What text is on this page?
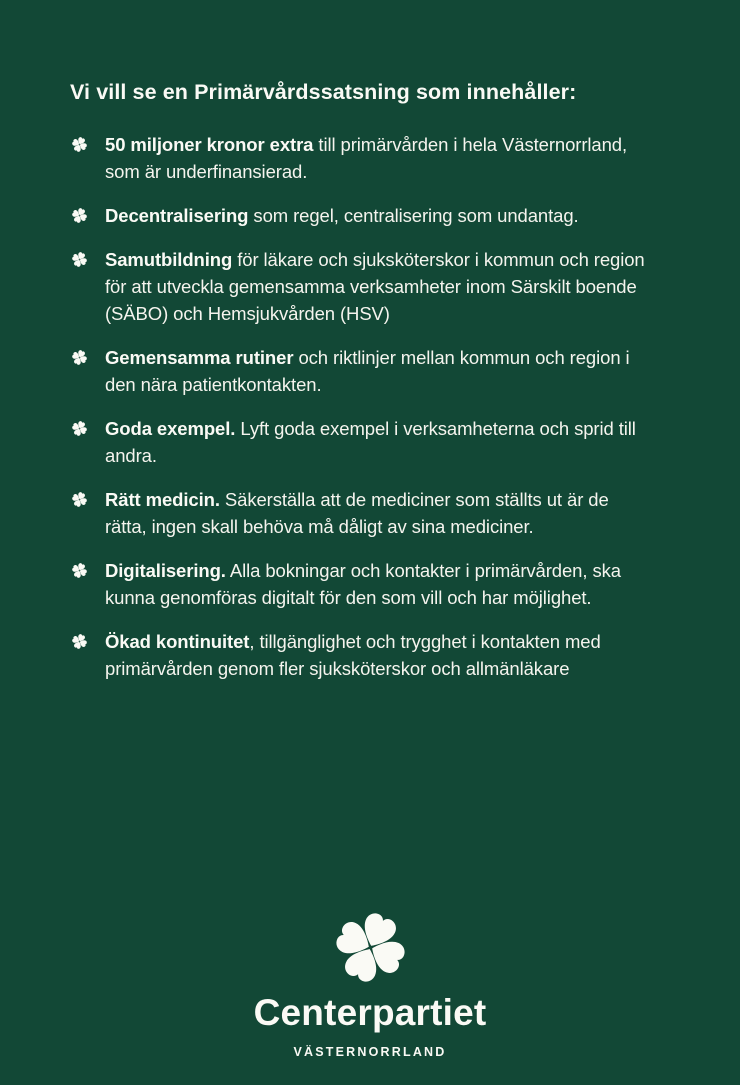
Vi vill se en Primärvårdssatsning som innehåller:
50 miljoner kronor extra till primärvården i hela Västernorrland, som är underfinansierad.
Decentralisering som regel, centralisering som undantag.
Samutbildning för läkare och sjuksköterskor i kommun och region för att utveckla gemensamma verksamheter inom Särskilt boende (SÄBO) och Hemsjukvården (HSV)
Gemensamma rutiner och riktlinjer mellan kommun och region i den nära patientkontakten.
Goda exempel. Lyft goda exempel i verksamheterna och sprid till andra.
Rätt medicin. Säkerställa att de mediciner som ställts ut är de rätta, ingen skall behöva må dåligt av sina mediciner.
Digitalisering. Alla bokningar och kontakter i primärvården, ska kunna genomföras digitalt för den som vill och har möjlighet.
Ökad kontinuitet, tillgänglighet och trygghet i kontakten med primärvården genom fler sjuksköterskor och allmänläkare
Centerpartiet
VÄSTERNORRLAND
